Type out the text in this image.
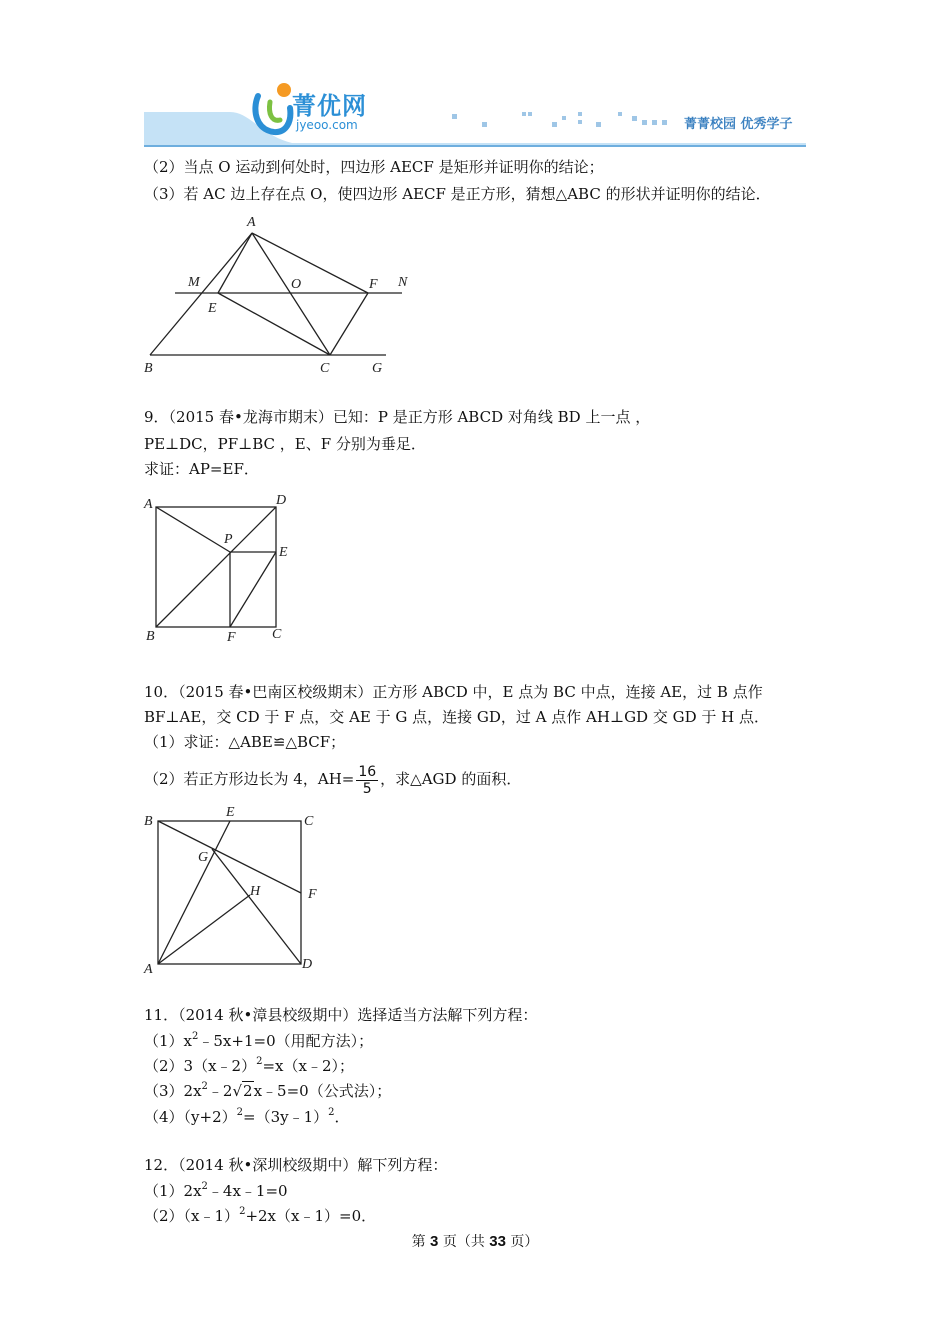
菁优网
jyeoo.com	菁菁校园 优秀学子
（2）当点 O 运动到何处时，四边形 AECF 是矩形并证明你的结论；
（3）若 AC 边上存在点 O，使四边形 AECF 是正方形，猜想△ABC 的形状并证明你的结论．
A
M	O	F N
E
B	C	G
9．（2015 春•龙海市期末）已知：P 是正方形 ABCD 对角线 BD 上一点 ，
PE⊥DC，PF⊥BC ，E、F 分别为垂足．
求证：AP=EF．
A	D
P
E
B	F	C
10．（2015 春•巴南区校级期末）正方形 ABCD 中，E 点为 BC 中点，连接 AE，过 B 点作
BF⊥AE，交 CD 于 F 点，交 AE 于 G 点，连接 GD，过 A 点作 AH⊥GD 交 GD 于 H 点．
（1）求证：△ABE≌△BCF；
（2）若正方形边长为 4，$AH= \frac{16}{5}$ ，求△AGD 的面积．
B
E
C
G
H	F
A	D
11．（2014 秋•漳县校级期中）选择适当方法解下列方程：
$(1)x^2﹣5x+1=0$（用配方法）；
（2）3（x﹣2）$^2$=x（x﹣2）；
$(3)2x^2﹣2√2x﹣5=0$（公式法）；
$(4)(y+2)^2=(3y﹣1)^2$．
12．（2014 秋•深圳校级期中）解下列方程：
$(1)2x^2﹣4x﹣1=0$
（2）（x﹣1）$^2$+2x（x﹣1）=0．
第 3 页（共 33 页）
